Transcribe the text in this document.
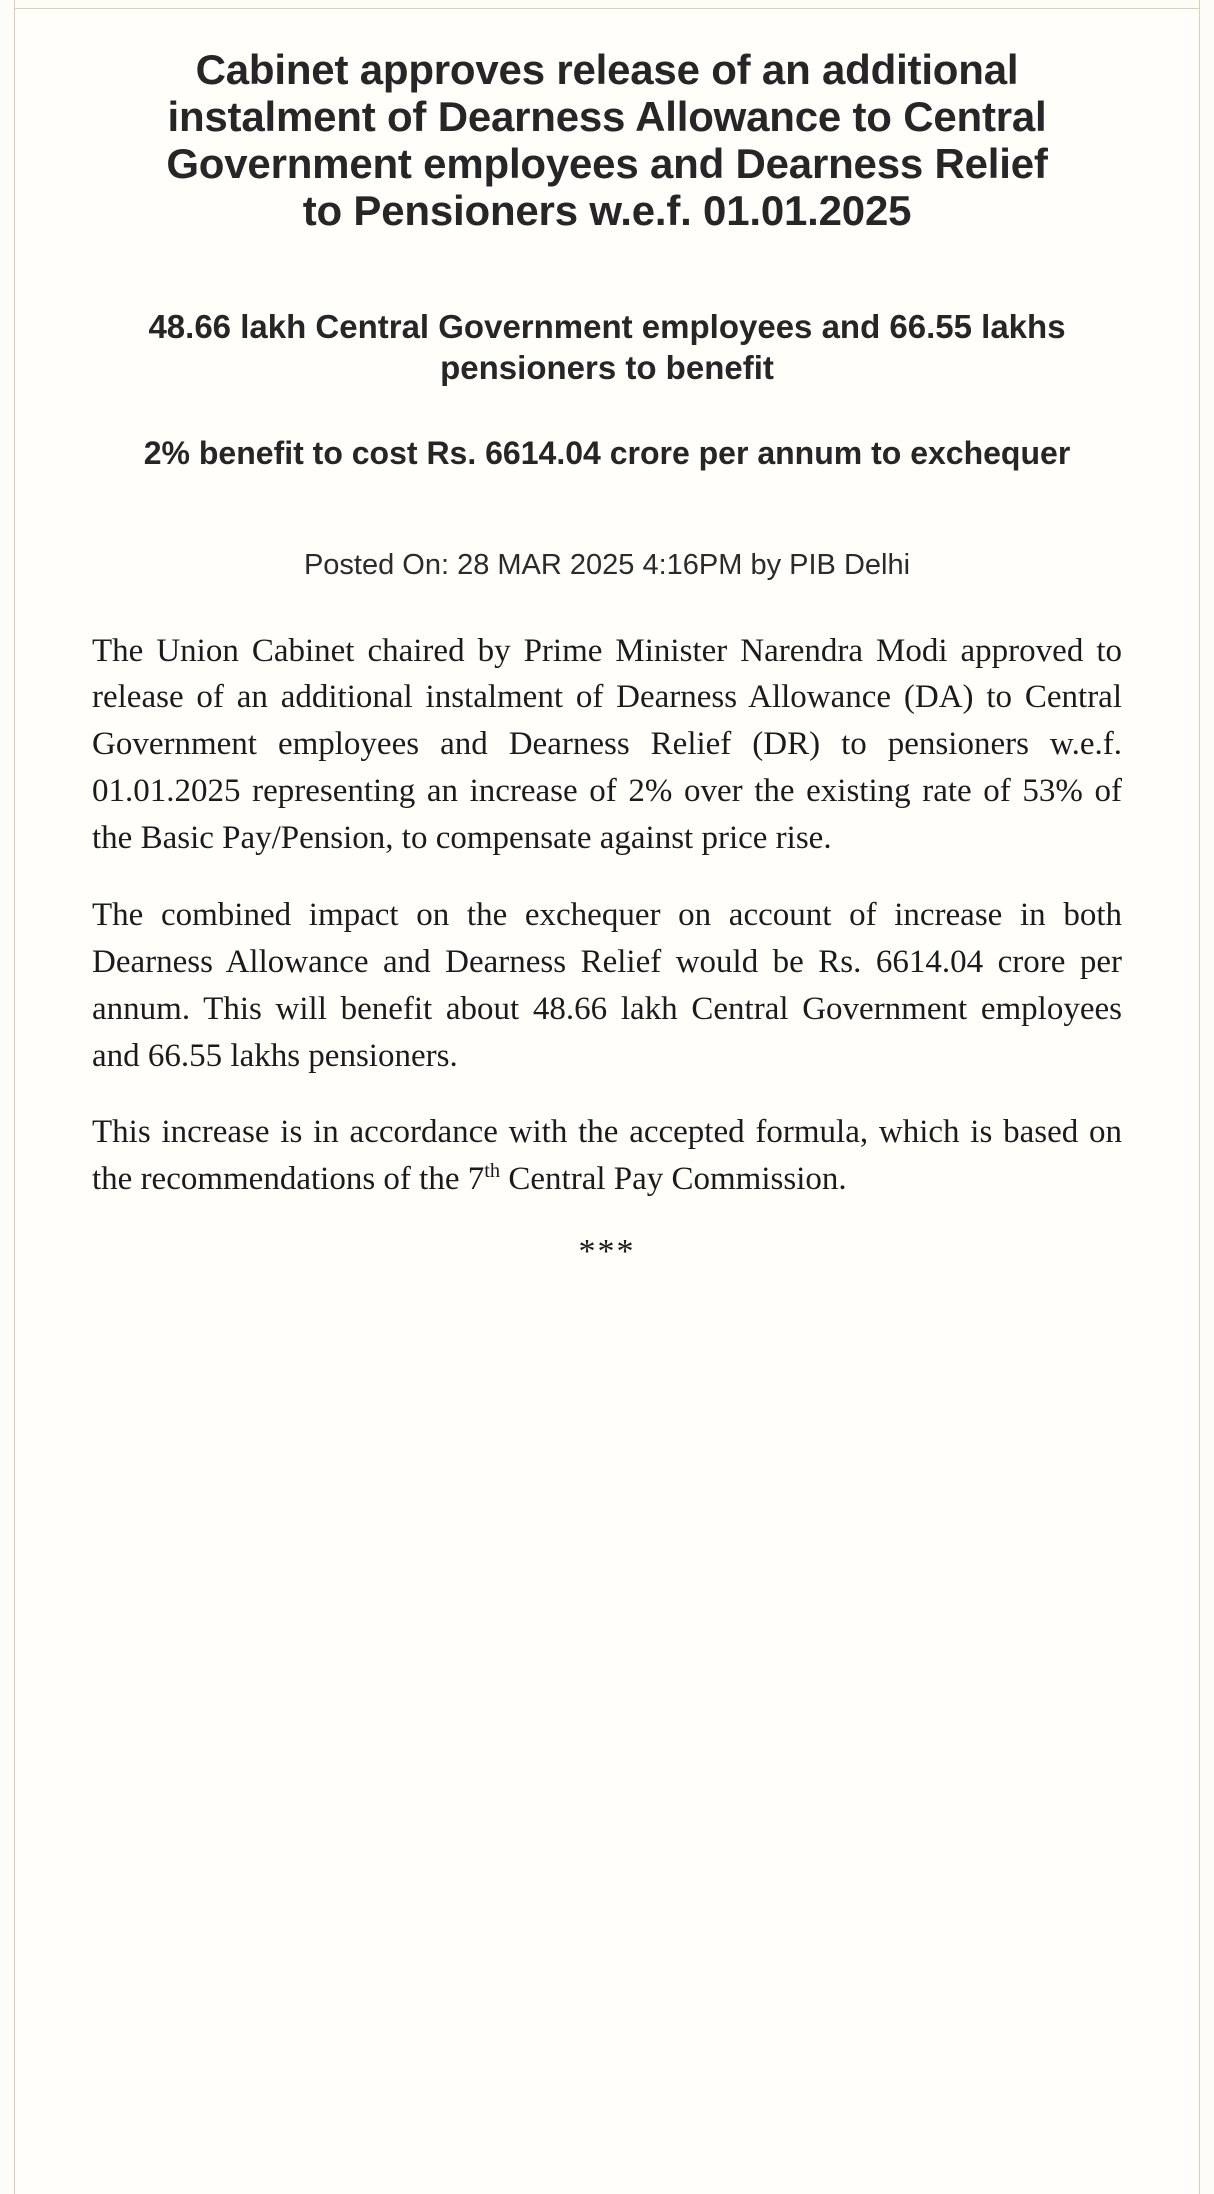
Cabinet approves release of an additional instalment of Dearness Allowance to Central Government employees and Dearness Relief to Pensioners w.e.f. 01.01.2025
48.66 lakh Central Government employees and 66.55 lakhs pensioners to benefit
2% benefit to cost Rs. 6614.04 crore per annum to exchequer
Posted On: 28 MAR 2025 4:16PM by PIB Delhi

The Union Cabinet chaired by Prime Minister Narendra Modi approved to release of an additional instalment of Dearness Allowance (DA) to Central Government employees and Dearness Relief (DR) to pensioners w.e.f. 01.01.2025 representing an increase of 2% over the existing rate of 53% of the Basic Pay/Pension, to compensate against price rise.

The combined impact on the exchequer on account of increase in both Dearness Allowance and Dearness Relief would be Rs. 6614.04 crore per annum. This will benefit about 48.66 lakh Central Government employees and 66.55 lakhs pensioners.

This increase is in accordance with the accepted formula, which is based on the recommendations of the 7th Central Pay Commission.

***
